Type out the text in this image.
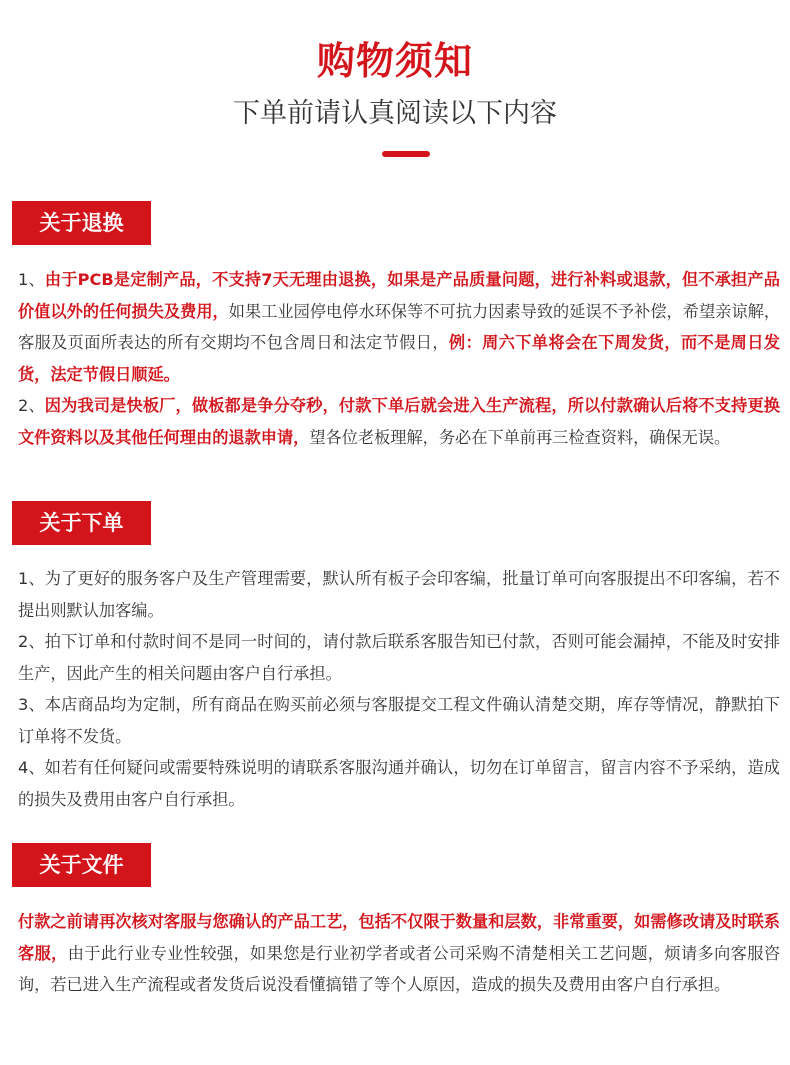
购物须知
下单前请认真阅读以下内容
关于退换

1、由于PCB是定制产品，不支持7天无理由退换，如果是产品质量问题，进行补料或退款，但不承担产品价值以外的任何损失及费用，如果工业园停电停水环保等不可抗力因素导致的延误不予补偿，希望亲谅解，客服及页面所表达的所有交期均不包含周日和法定节假日，例：周六下单将会在下周发货，而不是周日发货，法定节假日顺延。

2、因为我司是快板厂，做板都是争分夺秒，付款下单后就会进入生产流程，所以付款确认后将不支持更换文件资料以及其他任何理由的退款申请，望各位老板理解，务必在下单前再三检查资料，确保无误。

关于下单

1、为了更好的服务客户及生产管理需要，默认所有板子会印客编，批量订单可向客服提出不印客编，若不提出则默认加客编。

2、拍下订单和付款时间不是同一时间的，请付款后联系客服告知已付款，否则可能会漏掉，不能及时安排生产，因此产生的相关问题由客户自行承担。

3、本店商品均为定制，所有商品在购买前必须与客服提交工程文件确认清楚交期，库存等情况，静默拍下订单将不发货。

4、如若有任何疑问或需要特殊说明的请联系客服沟通并确认，切勿在订单留言，留言内容不予采纳，造成的损失及费用由客户自行承担。

关于文件

付款之前请再次核对客服与您确认的产品工艺，包括不仅限于数量和层数，非常重要，如需修改请及时联系客服，由于此行业专业性较强，如果您是行业初学者或者公司采购不清楚相关工艺问题，烦请多向客服咨询，若已进入生产流程或者发货后说没看懂搞错了等个人原因，造成的损失及费用由客户自行承担。
